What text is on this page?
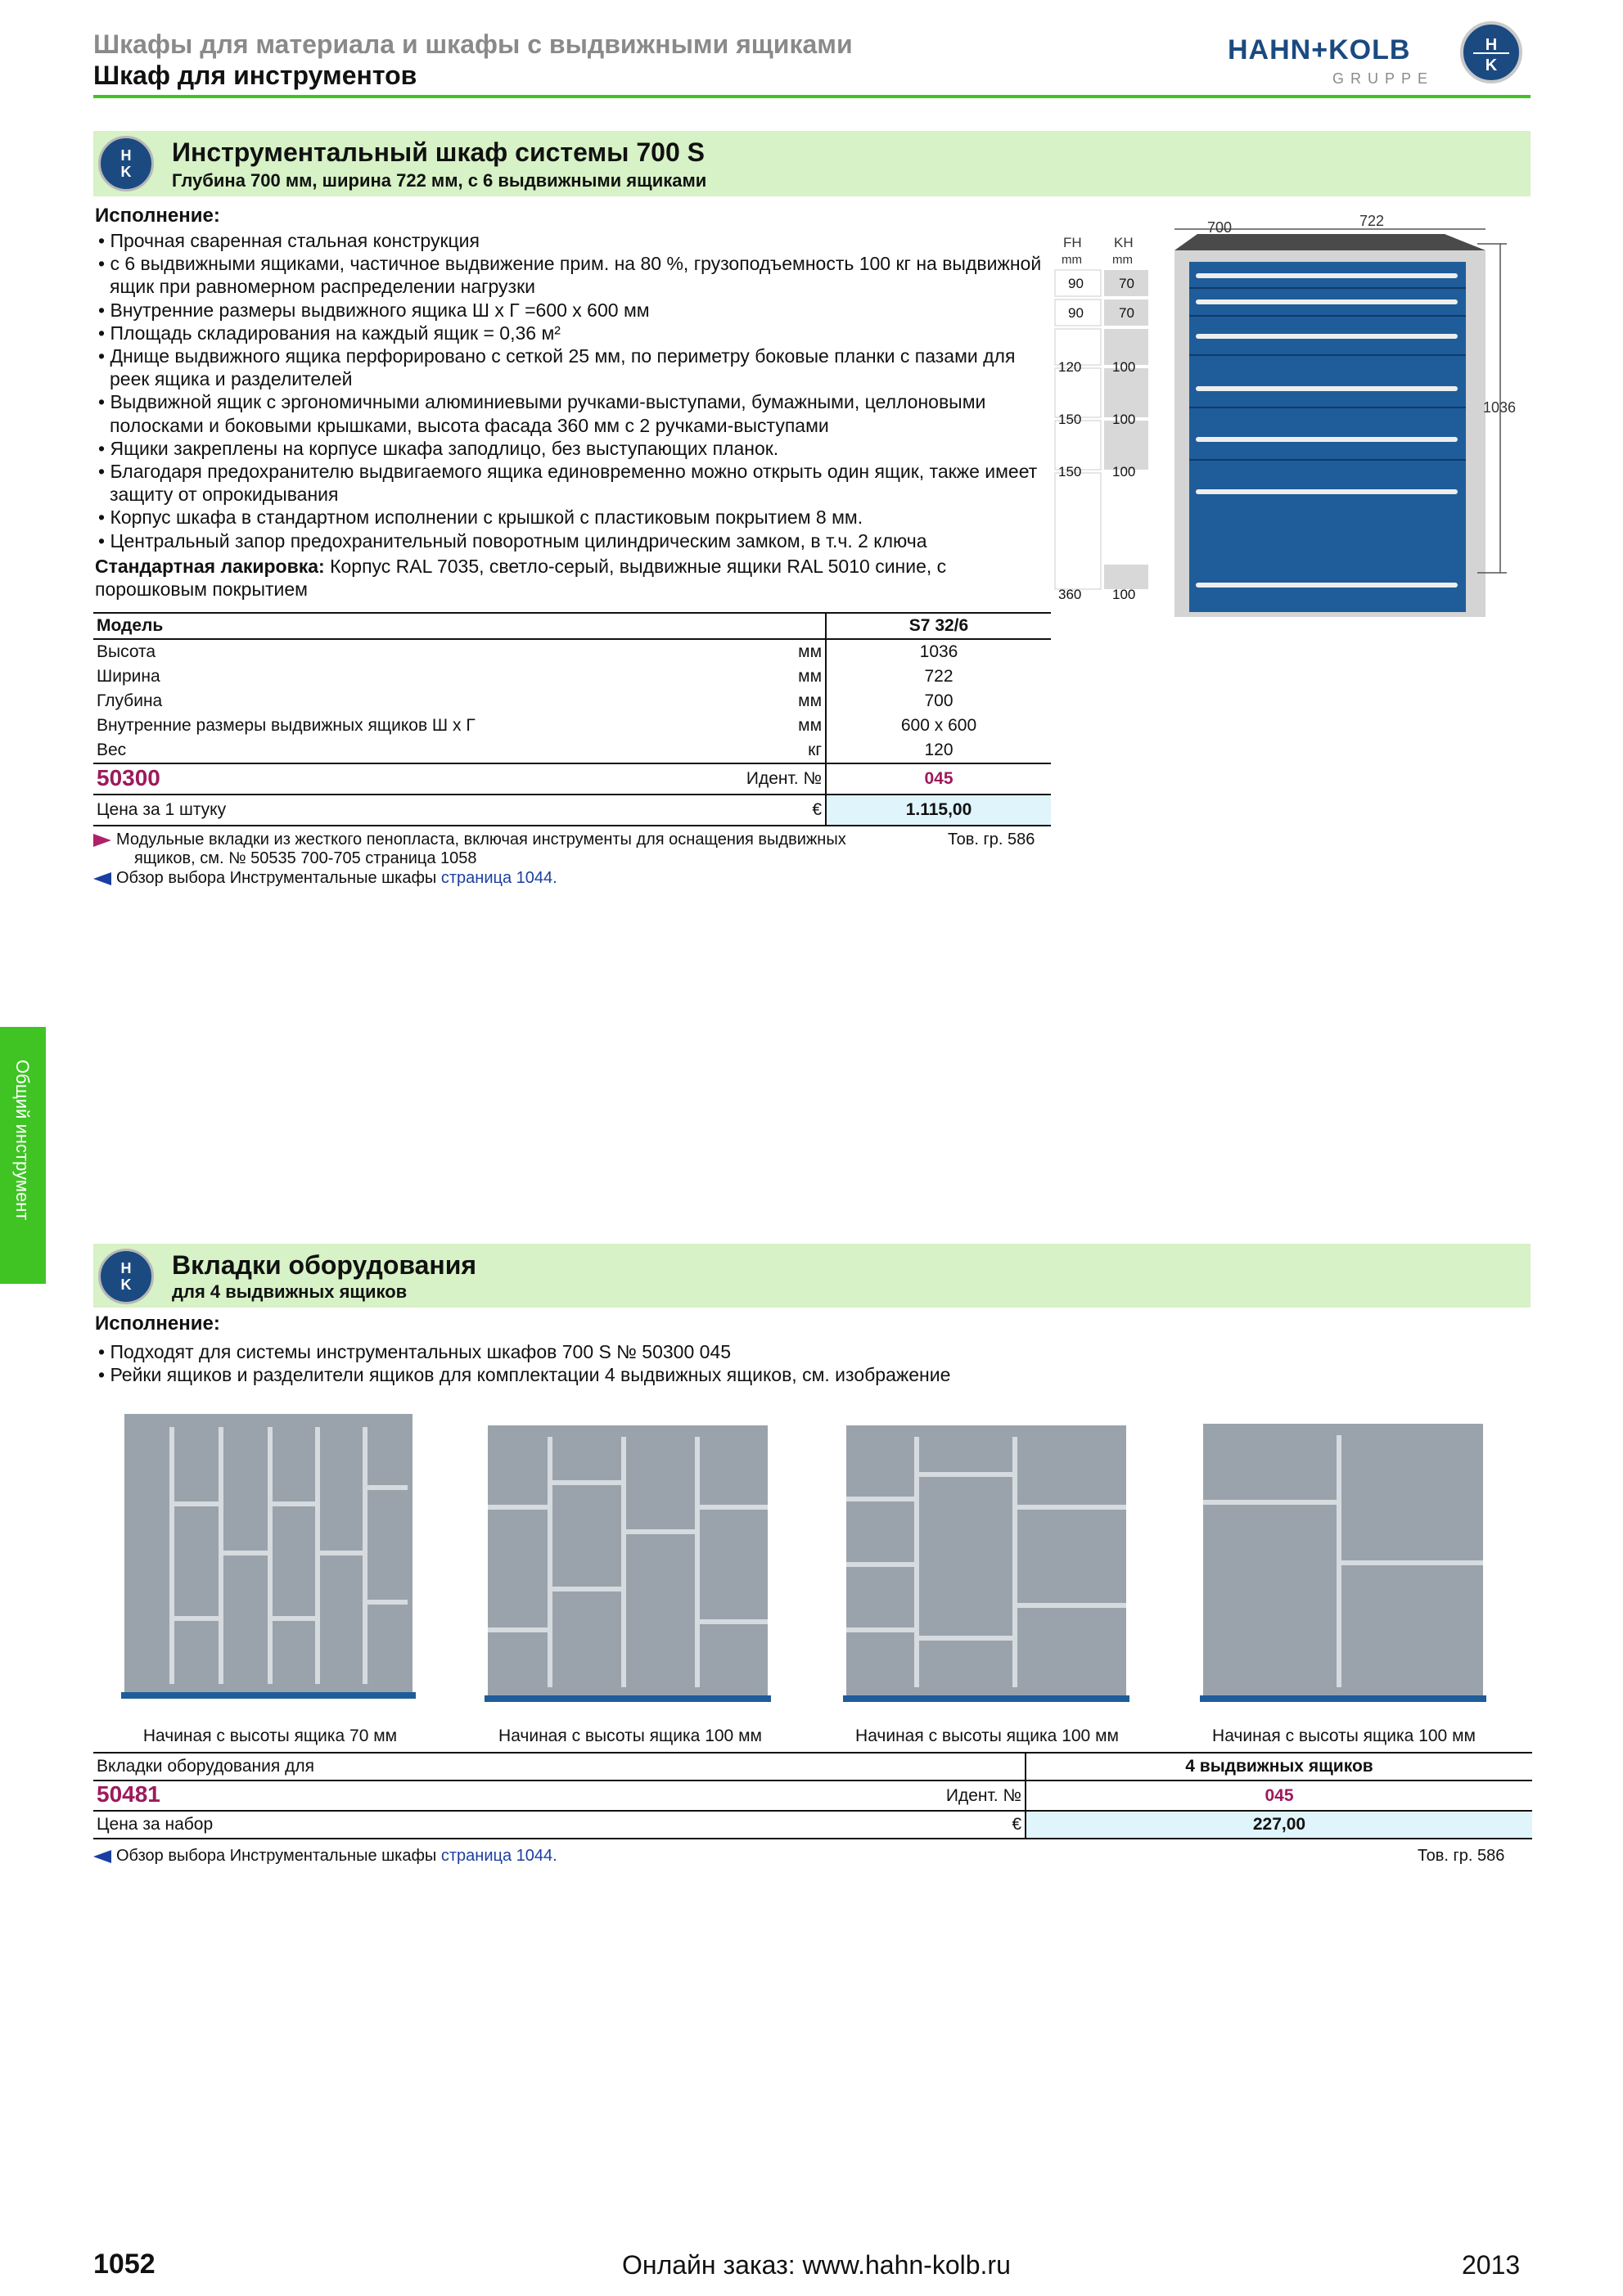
Шкафы для материала и шкафы с выдвижными ящиками
Шкаф для инструментов
HAHN+KOLB
GRUPPE
H
K
H
K
Инструментальный шкаф системы 700 S
Глубина 700 мм, ширина 722 мм, с 6 выдвижными ящиками
Исполнение:
• Прочная сваренная стальная конструкция
• с 6 выдвижными ящиками, частичное выдвижение прим. на 80 %, грузоподъемность 100 кг на выдвижной ящик при равномерном распределении нагрузки
• Внутренние размеры выдвижного ящика Ш х Г =600 х 600 мм
• Площадь складирования на каждый ящик = 0,36 м²
• Днище выдвижного ящика перфорировано с сеткой 25 мм, по периметру боковые планки с пазами для реек ящика и разделителей
• Выдвижной ящик с эргономичными алюминиевыми ручками-выступами, бумажными, целлоновыми полосками и боковыми крышками, высота фасада 360 мм с 2 ручками-выступами
• Ящики закреплены на корпусе шкафа заподлицо, без выступающих планок.
• Благодаря предохранителю выдвигаемого ящика единовременно можно открыть один ящик, также имеет защиту от опрокидывания
• Корпус шкафа в стандартном исполнении с крышкой с пластиковым покрытием 8 мм.
• Центральный запор предохранительный поворотным цилиндрическим замком, в т.ч. 2 ключа
Стандартная лакировка: Корпус RAL 7035, светло-серый, выдвижные ящики RAL 5010 синие, с порошковым покрытием
Модель		S7 32/6
Высота	мм	1036
Ширина	мм	722
Глубина	мм	700
Внутренние размеры выдвижных ящиков Ш х Г	мм	600 x 600
Вес	кг	120
50300	Идент. №	045
Цена за 1 штуку	€	1.115,00
Модульные вкладки из жесткого пенопласта, включая инструменты для оснащения выдвижных
ящиков, см. № 50535 700-705 страница 1058
Тов. гр. 586
Обзор выбора Инструментальные шкафы страница 1044.
FH
mm
KH
mm
90	70
90	70
120 100
150 100
150 100
360 100
700	722
1036
Общий инструмент
H
K
Вкладки оборудования
для 4 выдвижных ящиков
Исполнение:
• Подходят для системы инструментальных шкафов 700 S № 50300 045
• Рейки ящиков и разделители ящиков для комплектации 4 выдвижных ящиков, см. изображение
Начиная с высоты ящика 70 мм	Начиная с высоты ящика 100 мм	Начиная с высоты ящика 100 мм	Начиная с высоты ящика 100 мм
Вкладки оборудования для		4 выдвижных ящиков
50481	Идент. №	045
Цена за набор	€	227,00
Обзор выбора Инструментальные шкафы страница 1044.	Тов. гр. 586
1052	Онлайн заказ: www.hahn-kolb.ru	2013
